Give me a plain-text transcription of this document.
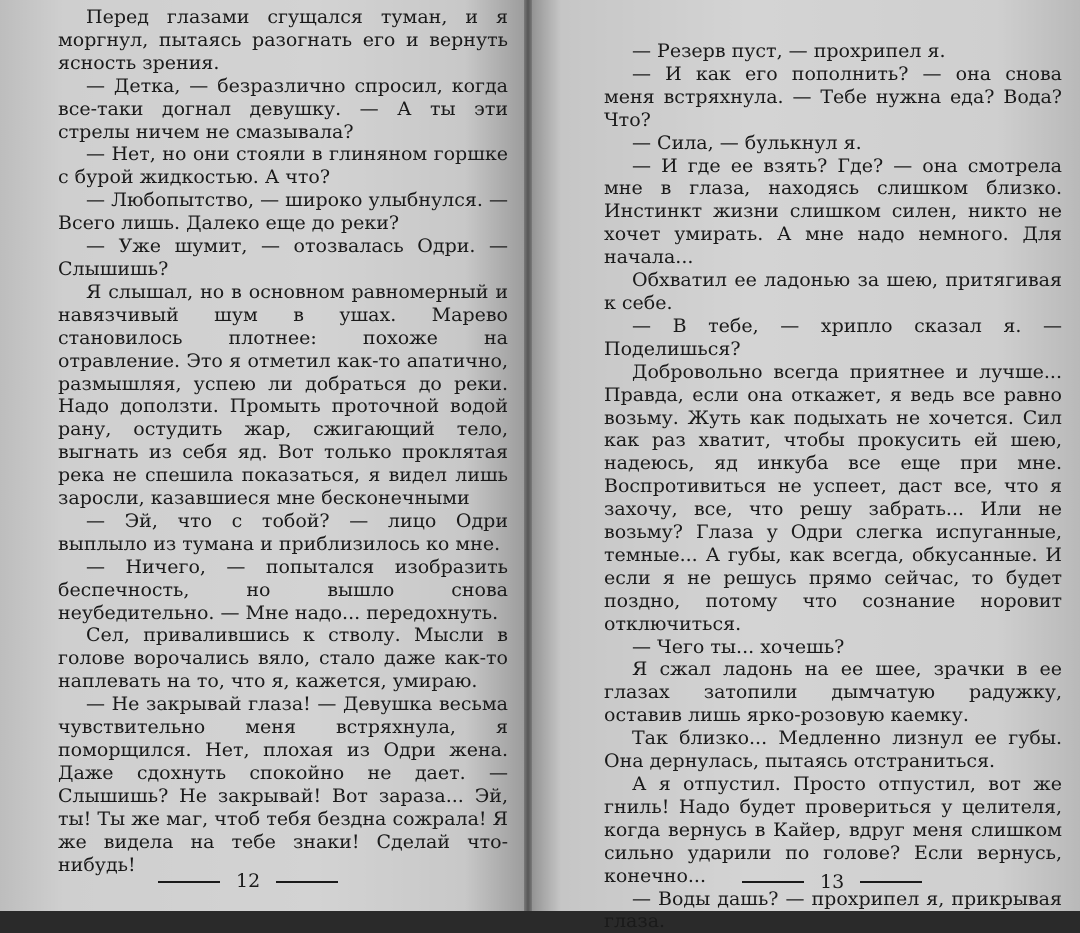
Перед глазами сгущался туман, и я моргнул, пытаясь разогнать его и вернуть ясность зрения.

— Детка, — безразлично спросил, когда все-таки догнал девушку. — А ты эти стрелы ничем не смазывала?

— Нет, но они стояли в глиняном горшке с бурой жидкостью. А что?

— Любопытство, — широко улыбнулся. — Всего лишь. Далеко еще до реки?

— Уже шумит, — отозвалась Одри. — Слышишь?

Я слышал, но в основном равномерный и навязчивый шум в ушах. Марево становилось плотнее: похоже на отравление. Это я отметил как-то апатично, размышляя, успею ли добраться до реки. Надо доползти. Промыть проточной водой рану, остудить жар, сжигающий тело, выгнать из себя яд. Вот только проклятая река не спешила показаться, я видел лишь заросли, казавшиеся мне бесконечными

— Эй, что с тобой? — лицо Одри выплыло из тумана и приблизилось ко мне.

— Ничего, — попытался изобразить беспечность, но вышло снова неубедительно. — Мне надо... передохнуть.

Сел, привалившись к стволу. Мысли в голове ворочались вяло, стало даже как-то наплевать на то, что я, кажется, умираю.

— Не закрывай глаза! — Девушка весьма чувствительно меня встряхнула, я поморщился. Нет, плохая из Одри жена. Даже сдохнуть спокойно не дает. — Слышишь? Не закрывай! Вот зараза... Эй, ты! Ты же маг, чтоб тебя бездна сожрала! Я же видела на тебе знаки! Сделай что-нибудь!

12

— Резерв пуст, — прохрипел я.

— И как его пополнить? — она снова меня встряхнула. — Тебе нужна еда? Вода? Что?

— Сила, — булькнул я.

— И где ее взять? Где? — она смотрела мне в глаза, находясь слишком близко. Инстинкт жизни слишком силен, никто не хочет умирать. А мне надо немного. Для начала...

Обхватил ее ладонью за шею, притягивая к себе.

— В тебе, — хрипло сказал я. — Поделишься?

Добровольно всегда приятнее и лучше... Правда, если она откажет, я ведь все равно возьму. Жуть как подыхать не хочется. Сил как раз хватит, чтобы прокусить ей шею, надеюсь, яд инкуба все еще при мне. Воспротивиться не успеет, даст все, что я захочу, все, что решу забрать... Или не возьму? Глаза у Одри слегка испуганные, темные... А губы, как всегда, обкусанные. И если я не решусь прямо сейчас, то будет поздно, потому что сознание норовит отключиться.

— Чего ты... хочешь?

Я сжал ладонь на ее шее, зрачки в ее глазах затопили дымчатую радужку, оставив лишь ярко-розовую каемку.

Так близко... Медленно лизнул ее губы. Она дернулась, пытаясь отстраниться.

А я отпустил. Просто отпустил, вот же гниль! Надо будет провериться у целителя, когда вернусь в Кайер, вдруг меня слишком сильно ударили по голове? Если вернусь, конечно...

— Воды дашь? — прохрипел я, прикрывая глаза.

13
